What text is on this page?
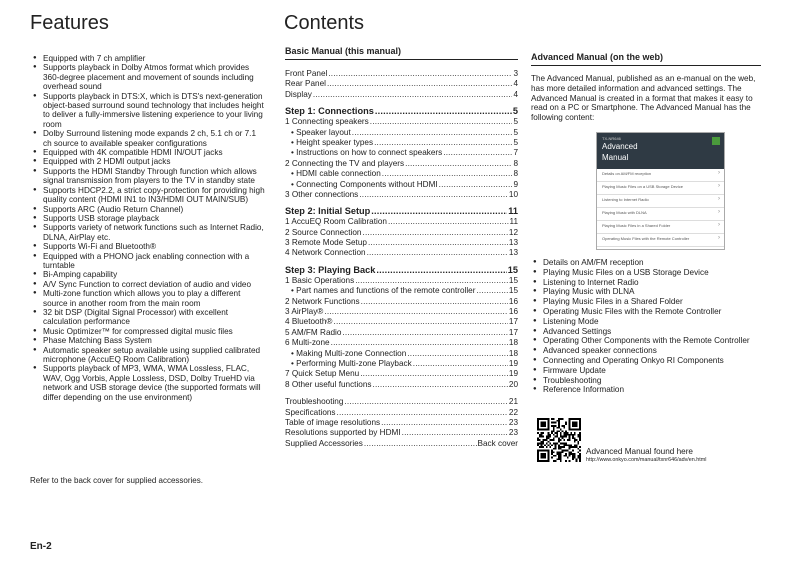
Features	Contents
● Equipped with 7 ch amplifier
● Supports playback in Dolby Atmos format which provides 360-degree placement and movement of sounds including overhead sound
● Supports playback in DTS:X, which is DTS's next-generation object-based surround sound technology that includes height to deliver a fully-immersive listening experience to your living room
● Dolby Surround listening mode expands 2 ch, 5.1 ch or 7.1 ch source to available speaker configurations
● Equipped with 4K compatible HDMI IN/OUT jacks
● Equipped with 2 HDMI output jacks
● Supports the HDMI Standby Through function which allows signal transmission from players to the TV in standby state
● Supports HDCP2.2, a strict copy-protection for providing high quality content (HDMI IN1 to IN3/HDMI OUT MAIN/SUB)
● Supports ARC (Audio Return Channel)
● Supports USB storage playback
● Supports variety of network functions such as Internet Radio, DLNA, AirPlay etc.
● Supports Wi-Fi and Bluetooth®
● Equipped with a PHONO jack enabling connection with a turntable
● Bi-Amping capability
● A/V Sync Function to correct deviation of audio and video
● Multi-zone function which allows you to play a different source in another room from the main room
● 32 bit DSP (Digital Signal Processor) with excellent calculation performance
● Music Optimizer™ for compressed digital music files
● Phase Matching Bass System
● Automatic speaker setup available using supplied calibrated microphone (AccuEQ Room Calibration)
● Supports playback of MP3, WMA, WMA Lossless, FLAC, WAV, Ogg Vorbis, Apple Lossless, DSD, Dolby TrueHD via network and USB storage device (the supported formats will differ depending on the use environment)
Refer to the back cover for supplied accessories.
En-2
Basic Manual (this manual)
Front Panel .....	3
Rear Panel .....	4
Display .....	4
Step 1: Connections .....	5
1 Connecting speakers .....	5
• Speaker layout .....	5
• Height speaker types .....	5
• Instructions on how to connect speakers .....	7
2 Connecting the TV and players .....	8
• HDMI cable connection .....	8
• Connecting Components without HDMI .....	9
3 Other connections .....	10
Step 2: Initial Setup .....	11
1 AccuEQ Room Calibration .....	11
2 Source Connection .....	12
3 Remote Mode Setup .....	13
4 Network Connection .....	13
Step 3: Playing Back .....	15
1 Basic Operations .....	15
• Part names and functions of the remote controller .....	15
2 Network Functions .....	16
3 AirPlay® .....	16
4 Bluetooth® .....	17
5 AM/FM Radio .....	17
6 Multi-zone .....	18
• Making Multi-zone Connection .....	18
• Performing Multi-zone Playback .....	19
7 Quick Setup Menu .....	19
8 Other useful functions .....	20
Troubleshooting .....	21
Specifications .....	22
Table of image resolutions .....	23
Resolutions supported by HDMI .....	23
Supplied Accessories .....	Back cover
Advanced Manual (on the web)

The Advanced Manual, published as an e-manual on the web, has more detailed information and advanced settings. The Advanced Manual is created in a format that makes it easy to read on a PC or Smartphone. The Advanced Manual has the following content:

TX-NR646
Advanced
Manual
Details on AM/FM reception ›
Playing Music Files on a USB Storage Device ›
Listening to Internet Radio ›
Playing Music with DLNA ›
Playing Music Files in a Shared Folder ›
Operating Music Files with the Remote Controller ›
● Details on AM/FM reception
● Playing Music Files on a USB Storage Device
● Listening to Internet Radio
● Playing Music with DLNA
● Playing Music Files in a Shared Folder
● Operating Music Files with the Remote Controller
● Listening Mode
● Advanced Settings
● Operating Other Components with the Remote Controller
● Advanced speaker connections
● Connecting and Operating Onkyo RI Components
● Firmware Update
● Troubleshooting
● Reference Information
Advanced Manual found here
http://www.onkyo.com/manual/txnr646/adv/en.html
